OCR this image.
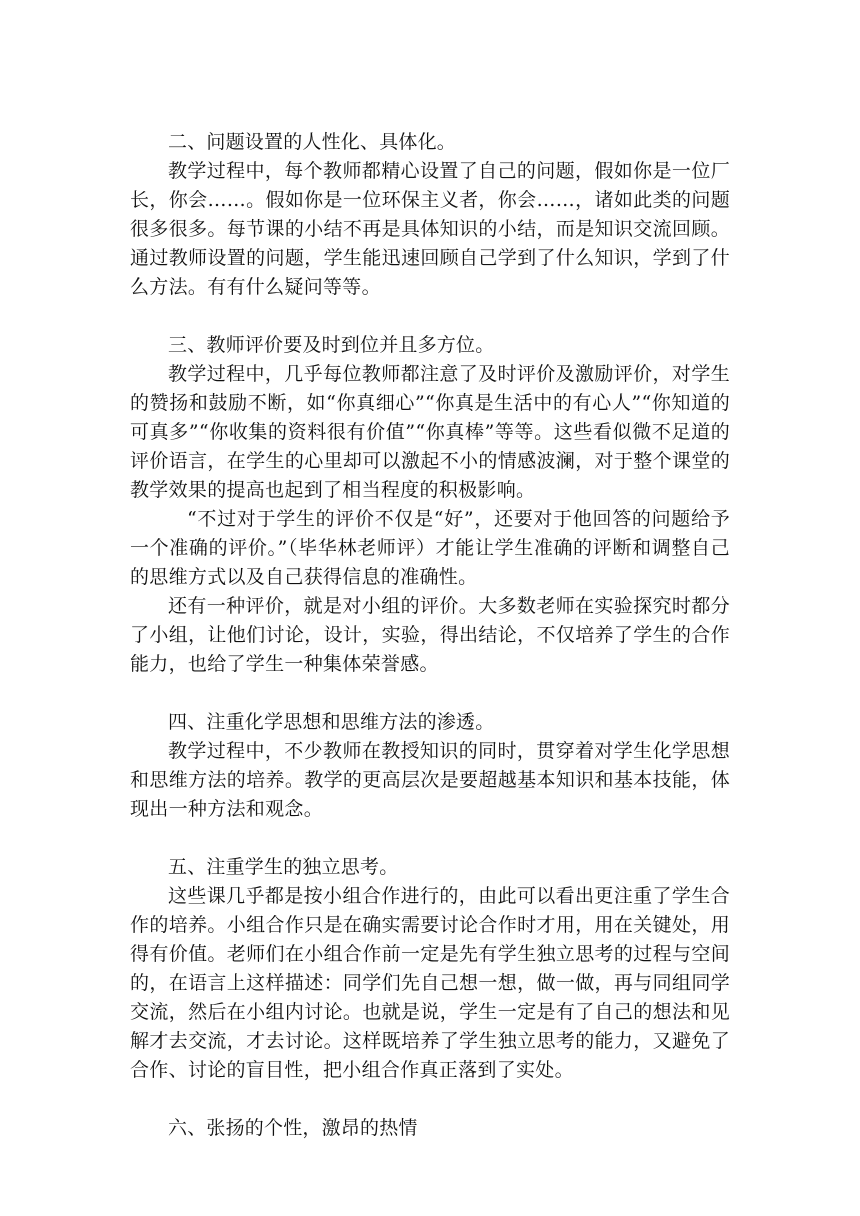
二、问题设置的人性化、具体化。

教学过程中，每个教师都精心设置了自己的问题，假如你是一位厂长，你会……。假如你是一位环保主义者，你会……，诸如此类的问题很多很多。每节课的小结不再是具体知识的小结，而是知识交流回顾。通过教师设置的问题，学生能迅速回顾自己学到了什么知识，学到了什么方法。有有什么疑问等等。

三、教师评价要及时到位并且多方位。

教学过程中，几乎每位教师都注意了及时评价及激励评价，对学生的赞扬和鼓励不断，如“你真细心”“你真是生活中的有心人”“你知道的可真多”“你收集的资料很有价值”“你真棒”等等。这些看似微不足道的评价语言，在学生的心里却可以激起不小的情感波澜，对于整个课堂的教学效果的提高也起到了相当程度的积极影响。

“不过对于学生的评价不仅是“好”，还要对于他回答的问题给予一个准确的评价。”（毕华林老师评）才能让学生准确的评断和调整自己的思维方式以及自己获得信息的准确性。

还有一种评价，就是对小组的评价。大多数老师在实验探究时都分了小组，让他们讨论，设计，实验，得出结论，不仅培养了学生的合作能力，也给了学生一种集体荣誉感。

四、注重化学思想和思维方法的渗透。

教学过程中，不少教师在教授知识的同时，贯穿着对学生化学思想和思维方法的培养。教学的更高层次是要超越基本知识和基本技能，体现出一种方法和观念。

五、注重学生的独立思考。

这些课几乎都是按小组合作进行的，由此可以看出更注重了学生合作的培养。小组合作只是在确实需要讨论合作时才用，用在关键处，用得有价值。老师们在小组合作前一定是先有学生独立思考的过程与空间的，在语言上这样描述：同学们先自己想一想，做一做，再与同组同学交流，然后在小组内讨论。也就是说，学生一定是有了自己的想法和见解才去交流，才去讨论。这样既培养了学生独立思考的能力，又避免了合作、讨论的盲目性，把小组合作真正落到了实处。

六、张扬的个性，激昂的热情
